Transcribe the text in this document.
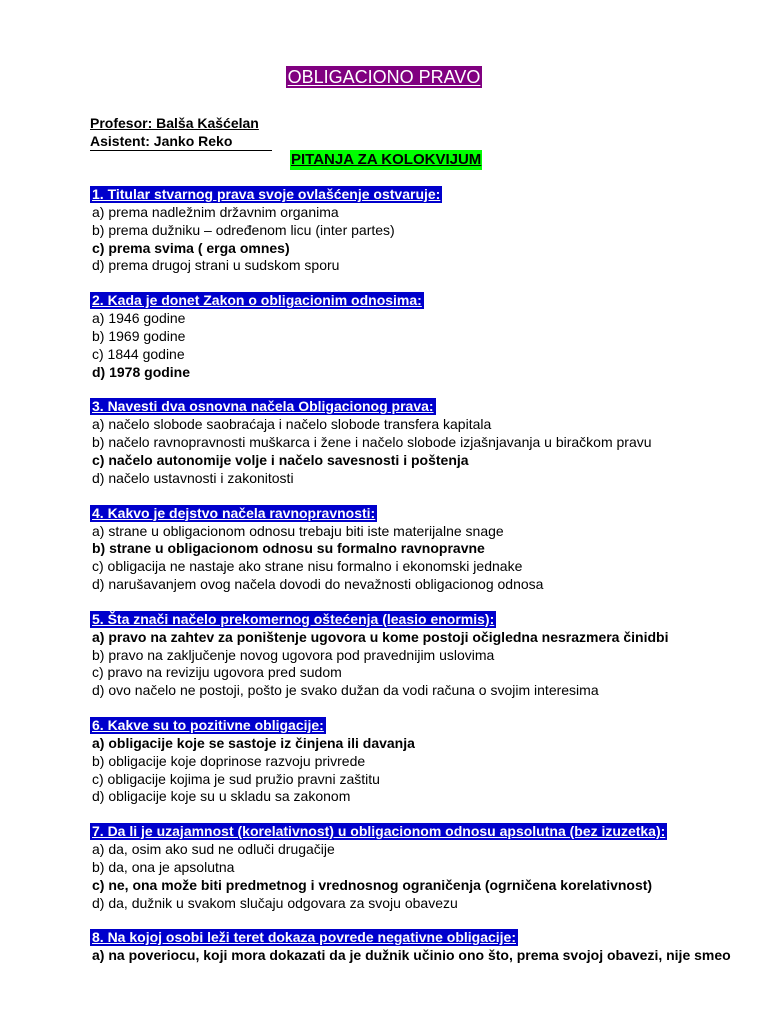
OBLIGACIONO PRAVO
Profesor: Balša Kašćelan
Asistent: Janko Reko
PITANJA ZA KOLOKVIJUM
1. Titular stvarnog prava svoje ovlašćenje ostvaruje:
a) prema nadležnim državnim organima
b) prema dužniku – određenom licu (inter partes)
c) prema svima ( erga omnes)
d) prema drugoj strani u sudskom sporu
2. Kada je donet Zakon o obligacionim odnosima:
a) 1946 godine
b) 1969 godine
c) 1844 godine
d) 1978 godine
3. Navesti dva osnovna načela Obligacionog prava:
a) načelo slobode saobraćaja i načelo slobode transfera kapitala
b) načelo ravnopravnosti muškarca i žene i načelo slobode izjašnjavanja u biračkom pravu
c) načelo autonomije volje i načelo savesnosti i poštenja
d) načelo ustavnosti i zakonitosti
4. Kakvo je dejstvo načela ravnopravnosti:
a) strane u obligacionom odnosu trebaju biti iste materijalne snage
b) strane u obligacionom odnosu su formalno ravnopravne
c) obligacija ne nastaje ako strane nisu formalno i ekonomski jednake
d) narušavanjem ovog načela dovodi do nevažnosti obligacionog odnosa
5. Šta znači načelo prekomernog oštećenja (leasio enormis):
a) pravo na zahtev za poništenje ugovora u kome postoji očigledna nesrazmera činidbi
b) pravo na zaključenje novog ugovora pod pravednijim uslovima
c) pravo na reviziju ugovora pred sudom
d) ovo načelo ne postoji, pošto je svako dužan da vodi računa o svojim interesima
6. Kakve su to pozitivne obligacije:
a) obligacije koje se sastoje iz činjena ili davanja
b) obligacije koje doprinose razvoju privrede
c) obligacije kojima je sud pružio pravni zaštitu
d) obligacije koje su u skladu sa zakonom
7. Da li je uzajamnost (korelativnost) u obligacionom odnosu apsolutna (bez izuzetka):
a) da, osim ako sud ne odluči drugačije
b) da, ona je apsolutna
c) ne, ona može biti predmetnog i vrednosnog ograničenja (ogrničena korelativnost)
d) da, dužnik u svakom slučaju odgovara za svoju obavezu
8. Na kojoj osobi leži teret dokaza povrede negativne obligacije:
a) na poveriocu, koji mora dokazati da je dužnik učinio ono što, prema svojoj obavezi, nije smeo
